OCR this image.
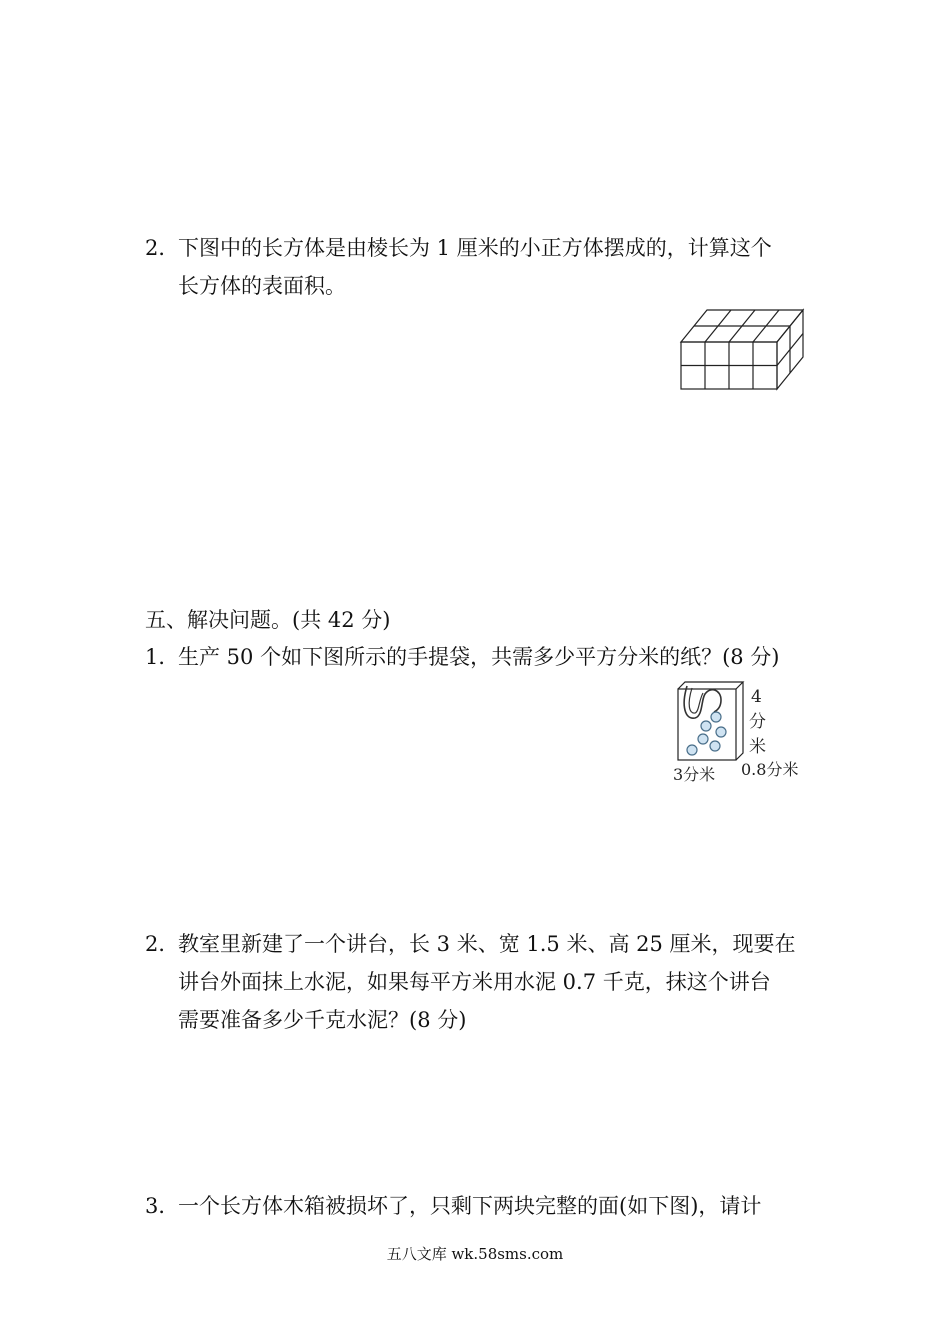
2．
下图中的长方体是由棱长为 1 厘米的小正方体摆成的，计算这个
长方体的表面积。
五、解决问题。(共 42 分)
1．
生产 50 个如下图所示的手提袋，共需多少平方分米的纸？(8 分)
4
分
米
3分米 0.8分米
2．
教室里新建了一个讲台，长 3 米、宽 1.5 米、高 25 厘米，现要在
讲台外面抹上水泥，如果每平方米用水泥 0.7 千克，抹这个讲台
需要准备多少千克水泥？(8 分)
3．
一个长方体木箱被损坏了，只剩下两块完整的面(如下图)，请计
五八文库 wk.58sms.com
